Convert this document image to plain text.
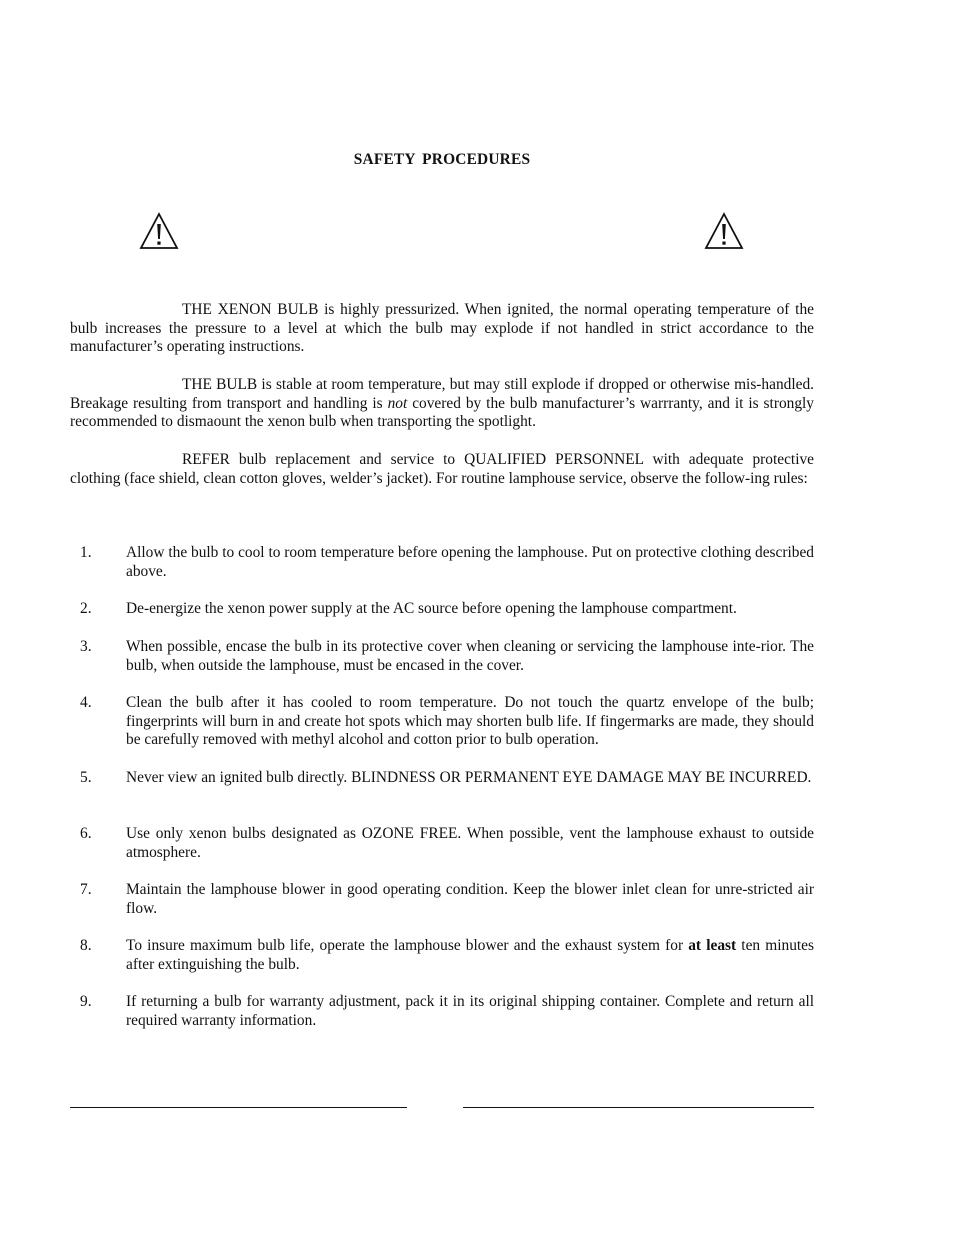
SAFETY PROCEDURES

THE XENON BULB is highly pressurized. When ignited, the normal operating temperature of the bulb increases the pressure to a level at which the bulb may explode if not handled in strict accordance to the manufacturer’s operating instructions.

THE BULB is stable at room temperature, but may still explode if dropped or otherwise mis-handled. Breakage resulting from transport and handling is not covered by the bulb manufacturer’s warrranty, and it is strongly recommended to dismaount the xenon bulb when transporting the spotlight.

REFER bulb replacement and service to QUALIFIED PERSONNEL with adequate protective clothing (face shield, clean cotton gloves, welder’s jacket). For routine lamphouse service, observe the follow-ing rules:

1. Allow the bulb to cool to room temperature before opening the lamphouse. Put on protective clothing described above.
2. De-energize the xenon power supply at the AC source before opening the lamphouse compartment.
3. When possible, encase the bulb in its protective cover when cleaning or servicing the lamphouse inte-rior. The bulb, when outside the lamphouse, must be encased in the cover.
4. Clean the bulb after it has cooled to room temperature. Do not touch the quartz envelope of the bulb; fingerprints will burn in and create hot spots which may shorten bulb life. If fingermarks are made, they should be carefully removed with methyl alcohol and cotton prior to bulb operation.
5. Never view an ignited bulb directly. BLINDNESS OR PERMANENT EYE DAMAGE MAY BE INCURRED.
6. Use only xenon bulbs designated as OZONE FREE. When possible, vent the lamphouse exhaust to outside atmosphere.
7. Maintain the lamphouse blower in good operating condition. Keep the blower inlet clean for unre-stricted air flow.
8. To insure maximum bulb life, operate the lamphouse blower and the exhaust system for at least ten minutes after extinguishing the bulb.
9. If returning a bulb for warranty adjustment, pack it in its original shipping container. Complete and return all required warranty information.
